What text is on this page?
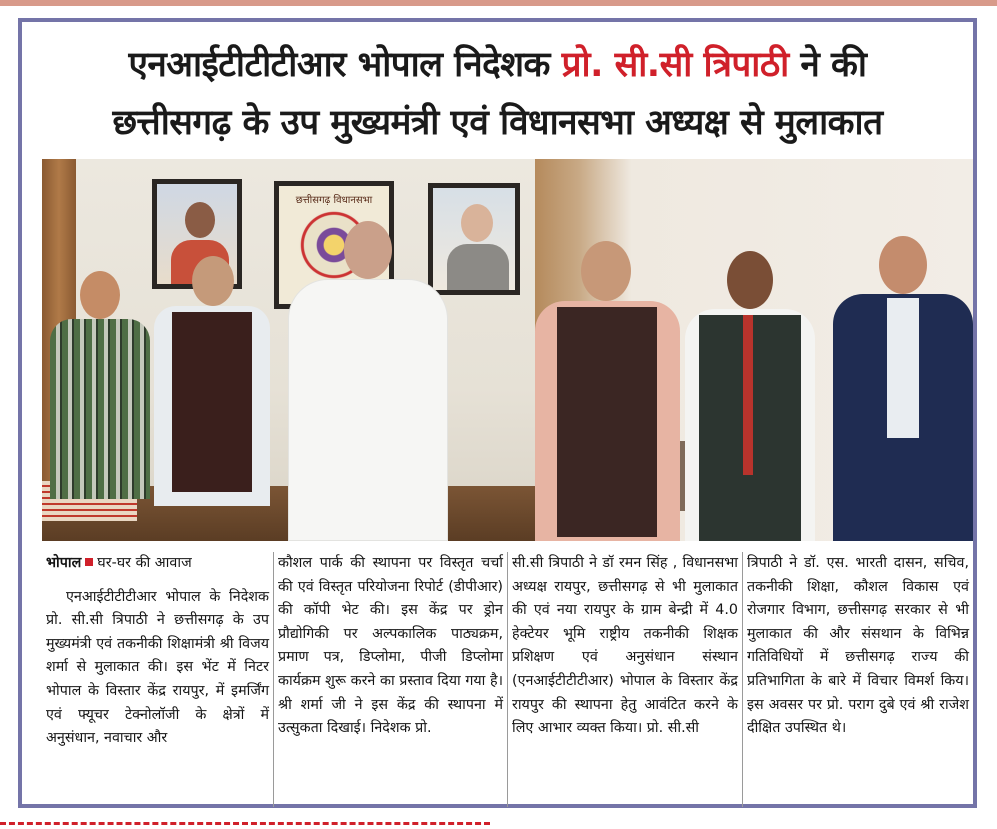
एनआईटीटीटीआर भोपाल निदेशक प्रो. सी.सी त्रिपाठी ने की
छत्तीसगढ़ के उप मुख्यमंत्री एवं विधानसभा अध्यक्ष से मुलाकात
छत्तीसगढ़ विधानसभा
भोपाल घर-घर की आवाज
एनआईटीटीटीआर भोपाल के निदेशक प्रो. सी.सी त्रिपाठी ने छत्तीसगढ़ के उप मुख्यमंत्री एवं तकनीकी शिक्षामंत्री श्री विजय शर्मा से मुलाकात की। इस भेंट में निटर भोपाल के विस्तार केंद्र रायपुर, में इमर्जिंग एवं फ्यूचर टेक्नोलॉजी के क्षेत्रों में अनुसंधान, नवाचार और
कौशल पार्क की स्थापना पर विस्तृत चर्चा की एवं विस्तृत परियोजना रिपोर्ट (डीपीआर) की कॉपी भेट की। इस केंद्र पर ड्रोन प्रौद्योगिकी पर अल्पकालिक पाठ्यक्रम, प्रमाण पत्र, डिप्लोमा, पीजी डिप्लोमा कार्यक्रम शुरू करने का प्रस्ताव दिया गया है। श्री शर्मा जी ने इस केंद्र की स्थापना में उत्सुकता दिखाई। निदेशक प्रो.
सी.सी त्रिपाठी ने डॉ रमन सिंह , विधानसभा अध्यक्ष रायपुर, छत्तीसगढ़ से भी मुलाकात की एवं नया रायपुर के ग्राम बेन्द्री में 4.0 हेक्टेयर भूमि राष्ट्रीय तकनीकी शिक्षक प्रशिक्षण एवं अनुसंधान संस्थान (एनआईटीटीटीआर) भोपाल के विस्तार केंद्र रायपुर की स्थापना हेतु आवंटित करने के लिए आभार व्यक्त किया। प्रो. सी.सी
त्रिपाठी ने डॉ. एस. भारती दासन, सचिव, तकनीकी शिक्षा, कौशल विकास एवं रोजगार विभाग, छत्तीसगढ़ सरकार से भी मुलाकात की और संसथान के विभिन्न गतिविधियों में छत्तीसगढ़ राज्य की प्रतिभागिता के बारे में विचार विमर्श किय। इस अवसर पर प्रो. पराग दुबे एवं श्री राजेश दीक्षित उपस्थित थे।
